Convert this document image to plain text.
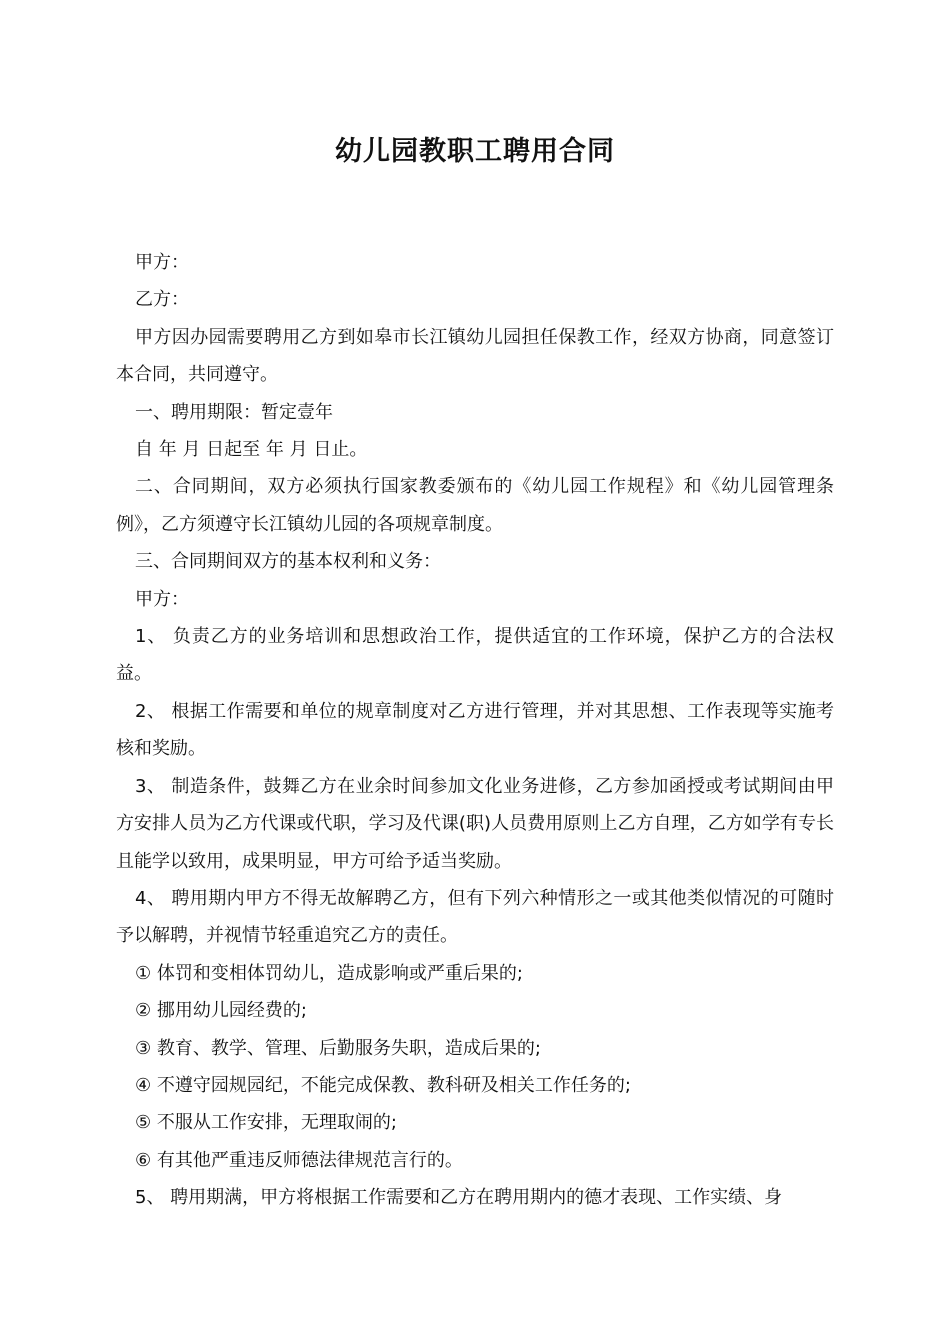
幼儿园教职工聘用合同

甲方：

乙方：

甲方因办园需要聘用乙方到如皋市长江镇幼儿园担任保教工作，经双方协商，同意签订本合同，共同遵守。

一、聘用期限：暂定壹年

自 年 月 日起至 年 月 日止。

二、合同期间，双方必须执行国家教委颁布的《幼儿园工作规程》和《幼儿园管理条例》，乙方须遵守长江镇幼儿园的各项规章制度。

三、合同期间双方的基本权利和义务：

甲方：

1、 负责乙方的业务培训和思想政治工作，提供适宜的工作环境，保护乙方的合法权益。

2、 根据工作需要和单位的规章制度对乙方进行管理，并对其思想、工作表现等实施考核和奖励。

3、 制造条件，鼓舞乙方在业余时间参加文化业务进修，乙方参加函授或考试期间由甲方安排人员为乙方代课或代职，学习及代课(职)人员费用原则上乙方自理，乙方如学有专长且能学以致用，成果明显，甲方可给予适当奖励。

4、 聘用期内甲方不得无故解聘乙方，但有下列六种情形之一或其他类似情况的可随时予以解聘，并视情节轻重追究乙方的责任。

① 体罚和变相体罚幼儿，造成影响或严重后果的;

② 挪用幼儿园经费的;

③ 教育、教学、管理、后勤服务失职，造成后果的;

④ 不遵守园规园纪，不能完成保教、教科研及相关工作任务的;

⑤ 不服从工作安排，无理取闹的;

⑥ 有其他严重违反师德法律规范言行的。

5、 聘用期满，甲方将根据工作需要和乙方在聘用期内的德才表现、工作实绩、身
